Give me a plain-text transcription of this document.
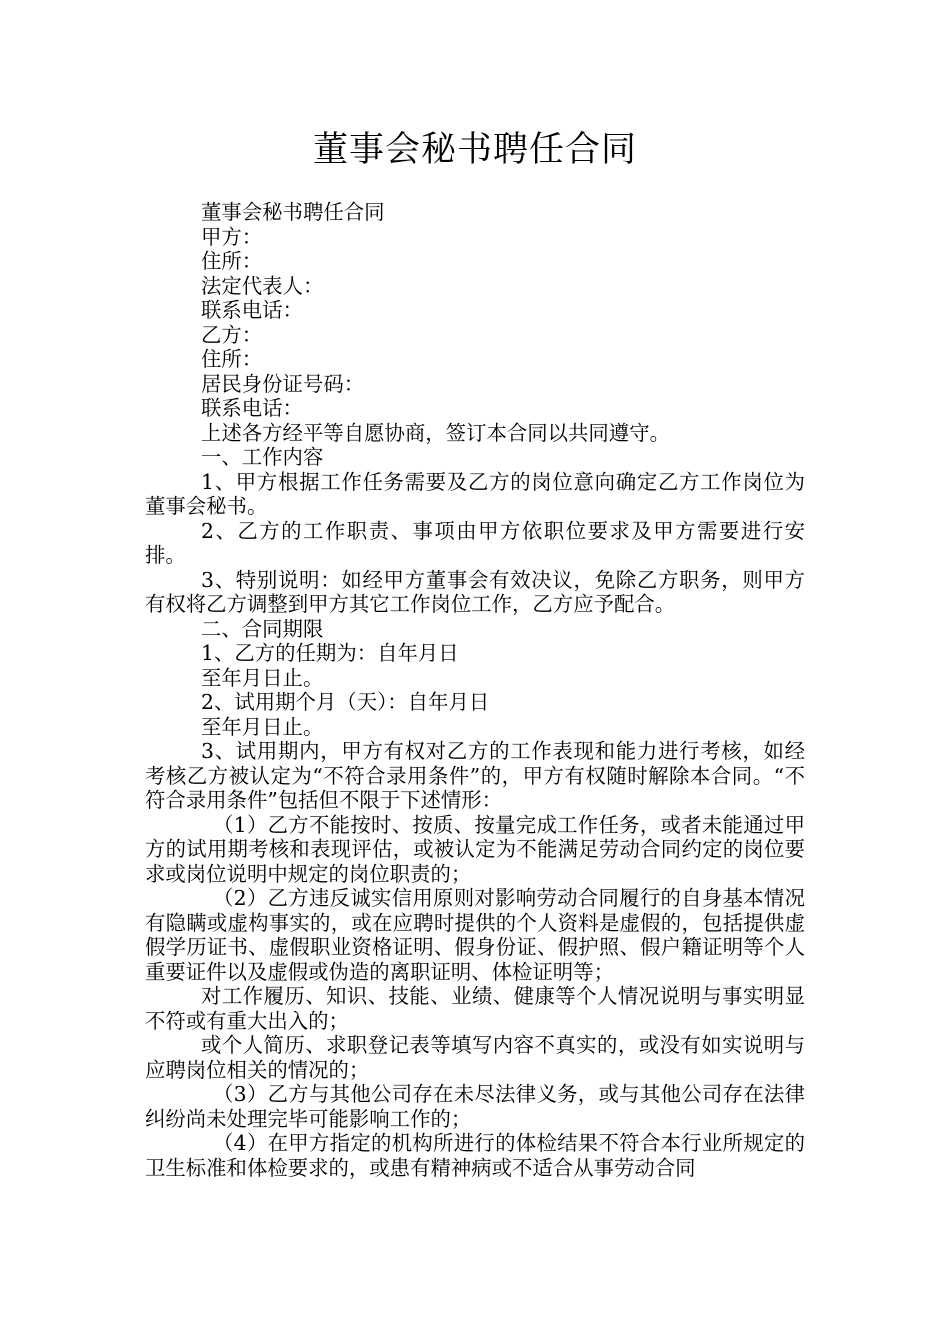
董事会秘书聘任合同

董事会秘书聘任合同

甲方：

住所：

法定代表人：

联系电话：

乙方：

住所：

居民身份证号码：

联系电话：

上述各方经平等自愿协商，签订本合同以共同遵守。

一、工作内容

1、甲方根据工作任务需要及乙方的岗位意向确定乙方工作岗位为董事会秘书。

2、乙方的工作职责、事项由甲方依职位要求及甲方需要进行安排。

3、特别说明：如经甲方董事会有效决议，免除乙方职务，则甲方有权将乙方调整到甲方其它工作岗位工作，乙方应予配合。

二、合同期限

1、乙方的任期为：自年月日

至年月日止。

2、试用期个月（天）：自年月日

至年月日止。

3、试用期内，甲方有权对乙方的工作表现和能力进行考核，如经考核乙方被认定为“不符合录用条件”的，甲方有权随时解除本合同。“不符合录用条件”包括但不限于下述情形：

（1）乙方不能按时、按质、按量完成工作任务，或者未能通过甲方的试用期考核和表现评估，或被认定为不能满足劳动合同约定的岗位要求或岗位说明中规定的岗位职责的；

（2）乙方违反诚实信用原则对影响劳动合同履行的自身基本情况有隐瞒或虚构事实的，或在应聘时提供的个人资料是虚假的，包括提供虚假学历证书、虚假职业资格证明、假身份证、假护照、假户籍证明等个人重要证件以及虚假或伪造的离职证明、体检证明等；

对工作履历、知识、技能、业绩、健康等个人情况说明与事实明显不符或有重大出入的；

或个人简历、求职登记表等填写内容不真实的，或没有如实说明与应聘岗位相关的情况的；

（3）乙方与其他公司存在未尽法律义务，或与其他公司存在法律纠纷尚未处理完毕可能影响工作的；

（4）在甲方指定的机构所进行的体检结果不符合本行业所规定的卫生标准和体检要求的，或患有精神病或不适合从事劳动合同
